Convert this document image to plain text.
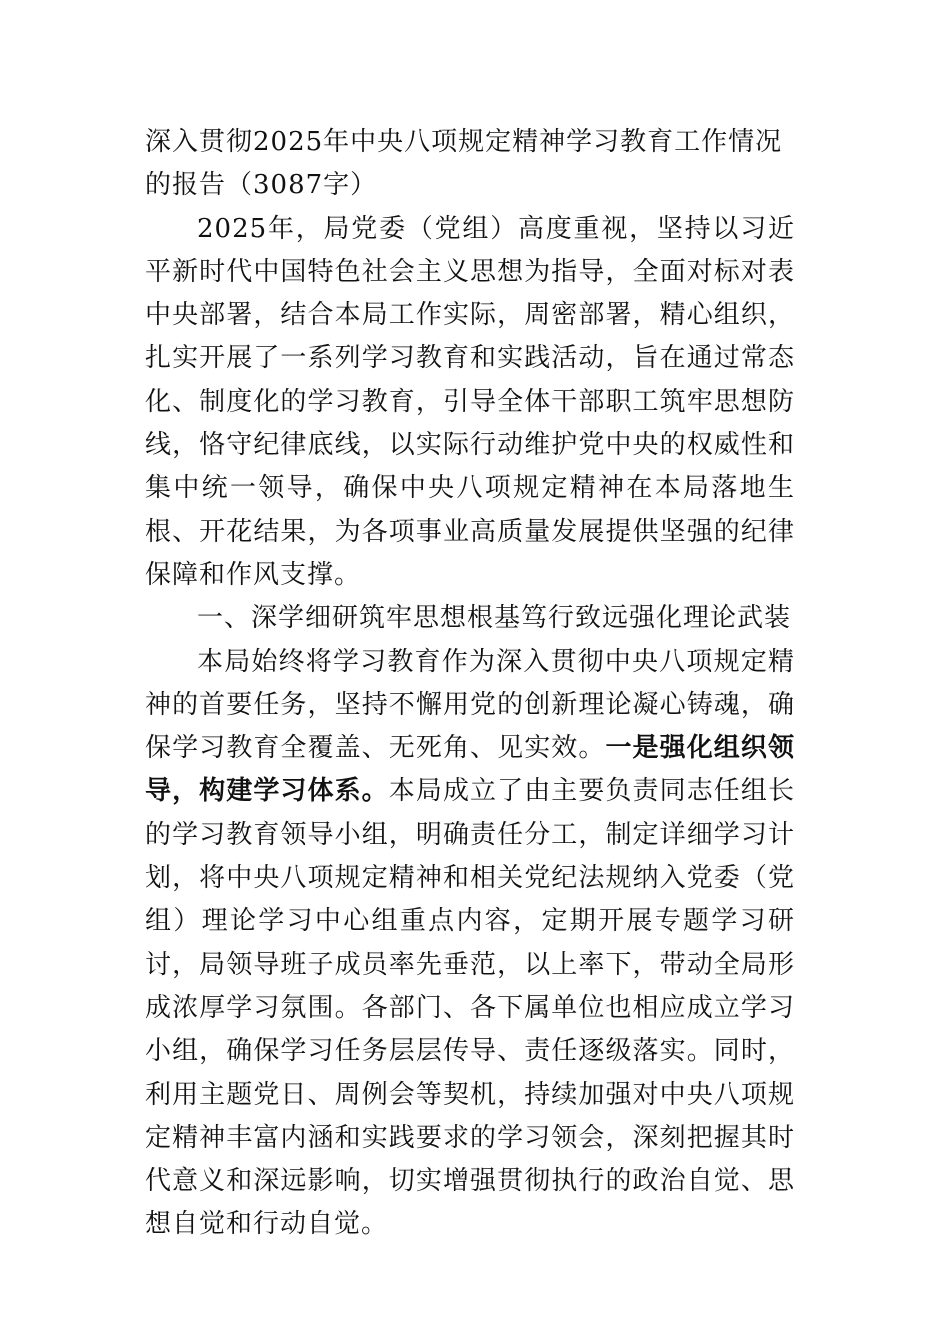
深入贯彻2025年中央八项规定精神学习教育工作情况的报告（3087字）

2025年，局党委（党组）高度重视，坚持以习近平新时代中国特色社会主义思想为指导，全面对标对表中央部署，结合本局工作实际，周密部署，精心组织，扎实开展了一系列学习教育和实践活动，旨在通过常态化、制度化的学习教育，引导全体干部职工筑牢思想防线，恪守纪律底线，以实际行动维护党中央的权威性和集中统一领导，确保中央八项规定精神在本局落地生根、开花结果，为各项事业高质量发展提供坚强的纪律保障和作风支撑。

一、深学细研筑牢思想根基笃行致远强化理论武装

本局始终将学习教育作为深入贯彻中央八项规定精神的首要任务，坚持不懈用党的创新理论凝心铸魂，确保学习教育全覆盖、无死角、见实效。一是强化组织领导，构建学习体系。本局成立了由主要负责同志任组长的学习教育领导小组，明确责任分工，制定详细学习计划，将中央八项规定精神和相关党纪法规纳入党委（党组）理论学习中心组重点内容，定期开展专题学习研讨，局领导班子成员率先垂范，以上率下，带动全局形成浓厚学习氛围。各部门、各下属单位也相应成立学习小组，确保学习任务层层传导、责任逐级落实。同时，利用主题党日、周例会等契机，持续加强对中央八项规定精神丰富内涵和实践要求的学习领会，深刻把握其时代意义和深远影响，切实增强贯彻执行的政治自觉、思想自觉和行动自觉。
